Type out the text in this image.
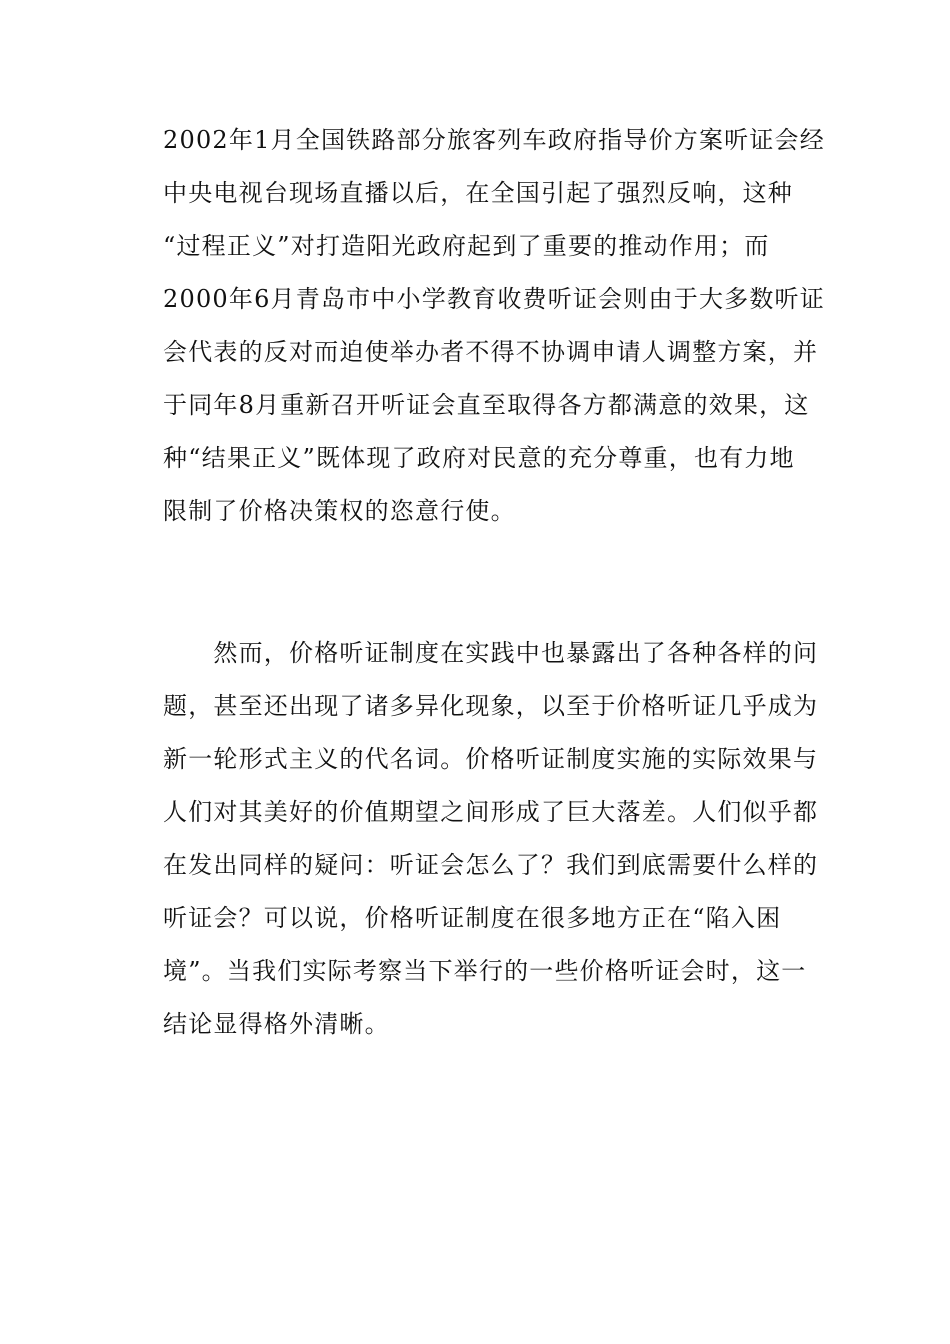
2002年1月全国铁路部分旅客列车政府指导价方案听证会经
中央电视台现场直播以后，在全国引起了强烈反响，这种
“过程正义”对打造阳光政府起到了重要的推动作用；而
2000年6月青岛市中小学教育收费听证会则由于大多数听证
会代表的反对而迫使举办者不得不协调申请人调整方案，并
于同年8月重新召开听证会直至取得各方都满意的效果，这
种“结果正义”既体现了政府对民意的充分尊重，也有力地
限制了价格决策权的恣意行使。
　　然而，价格听证制度在实践中也暴露出了各种各样的问
题，甚至还出现了诸多异化现象，以至于价格听证几乎成为
新一轮形式主义的代名词。价格听证制度实施的实际效果与
人们对其美好的价值期望之间形成了巨大落差。人们似乎都
在发出同样的疑问：听证会怎么了？我们到底需要什么样的
听证会？可以说，价格听证制度在很多地方正在“陷入困
境”。当我们实际考察当下举行的一些价格听证会时，这一
结论显得格外清晰。
